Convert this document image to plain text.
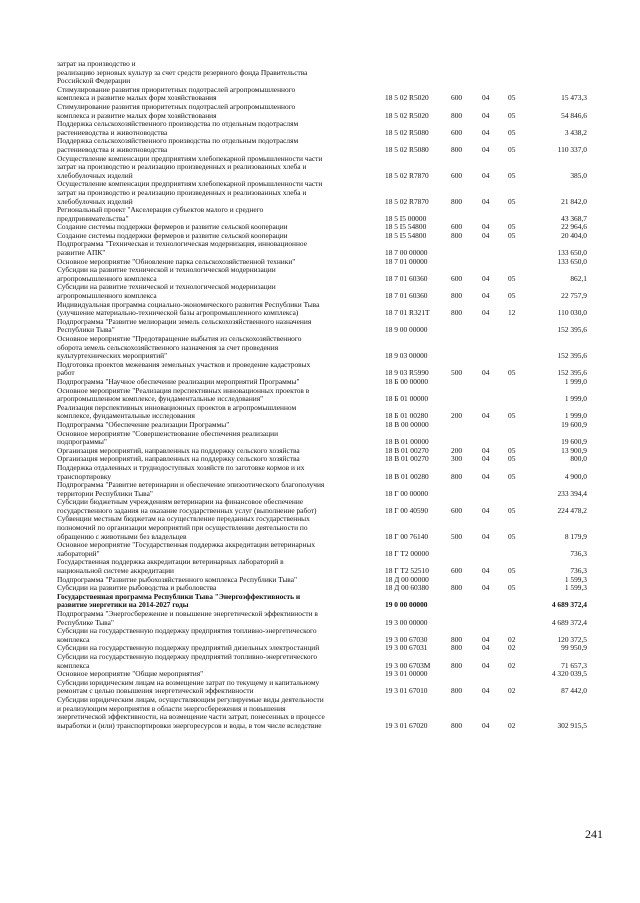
затрат на производство и
реализацию зерновых культур за счет средств резервного фонда Правительства
Российской Федерации
Стимулирование развития приоритетных подотраслей агропромышленного
комплекса и развитие малых форм хозяйствования	18 5 02 R5020	600	04	05	15 473,3
Стимулирование развития приоритетных подотраслей агропромышленного
комплекса и развитие малых форм хозяйствования	18 5 02 R5020	800	04	05	54 846,6
Поддержка сельскохозяйственного производства по отдельным подотраслям
растениеводства и животноводства	18 5 02 R5080	600	04	05	3 438,2
Поддержка сельскохозяйственного производства по отдельным подотраслям
растениеводства и животноводства	18 5 02 R5080	800	04	05	110 337,0
Осуществление компенсации предприятиям хлебопекарной промышленности части
затрат на производство и реализацию произведенных и реализованных хлеба и
хлебобулочных изделий	18 5 02 R7870	600	04	05	385,0
Осуществление компенсации предприятиям хлебопекарной промышленности части
затрат на производство и реализацию произведенных и реализованных хлеба и
хлебобулочных изделий	18 5 02 R7870	800	04	05	21 842,0
Региональный проект "Акселерация субъектов малого и среднего
предпринимательства"	18 5 I5 00000	43 368,7
Создание системы поддержки фермеров и развитие сельской кооперации	18 5 I5 54800	600	04	05	22 964,6
Создание системы поддержки фермеров и развитие сельской кооперации	18 5 I5 54800	800	04	05	20 404,0
Подпрограмма "Техническая и технологическая модернизация, инновационное
развитие АПК"	18 7 00 00000	133 650,0
Основное мероприятие "Обновление парка сельскохозяйственной техники"	18 7 01 00000	133 650,0
Субсидии на развитие технической и технологической модернизации
агропромышленного комплекса	18 7 01 60360	600	04	05	862,1
Субсидии на развитие технической и технологической модернизации
агропромышленного комплекса	18 7 01 60360	800	04	05	22 757,9
Индивидуальная программа социально-экономического развития Республики Тыва
(улучшение материально-технической базы агропромышленного комплекса)	18 7 01 R321T	800	04	12	110 030,0
Подпрограмма "Развитие мелиорации земель сельскохозяйственного назначения
Республики Тыва"	18 9 00 00000	152 395,6
Основное мероприятие "Предотвращение выбытия из сельскохозяйственного
оборота земель сельскохозяйственного назначения за счет проведения
культуртехнических мероприятий"	18 9 03 00000	152 395,6
Подготовка проектов межевания земельных участков и проведение кадастровых
работ	18 9 03 R5990	500	04	05	152 395,6
Подпрограмма "Научное обеспечение реализации мероприятий Программы"	18 Б 00 00000	1 999,0
Основное мероприятие "Реализация перспективных инновационных проектов в
агропромышленном комплексе, фундаментальные исследования"	18 Б 01 00000	1 999,0
Реализация перспективных инновационных проектов в агропромышленном
комплексе, фундаментальные исследования	18 Б 01 00280	200	04	05	1 999,0
Подпрограмма "Обеспечение реализации Программы"	18 В 00 00000	19 600,9
Основное мероприятие "Совершенствование обеспечения реализации
подпрограммы"	18 В 01 00000	19 600,9
Организация мероприятий, направленных на поддержку сельского хозяйства	18 В 01 00270	200	04	05	13 900,9
Организация мероприятий, направленных на поддержку сельского хозяйства	18 В 01 00270	300	04	05	800,0
Поддержка отдаленных и труднодоступных хозяйств по заготовке кормов и их
транспортировку	18 В 01 00280	800	04	05	4 900,0
Подпрограмма "Развитие ветеринарии и обеспечение эпизоотического благополучия
территории Республики Тыва"	18 Г 00 00000	233 394,4
Субсидии бюджетным учреждениям ветеринарии на финансовое обеспечение
государственного задания на оказание государственных услуг (выполнение работ)	18 Г 00 40590	600	04	05	224 478,2
Субвенции местным бюджетам на осуществление переданных государственных
полномочий по организации мероприятий при осуществлении деятельности по
обращению с животными без владельцев	18 Г 00 76140	500	04	05	8 179,9
Основное мероприятие "Государственная поддержка аккредитации ветеринарных
лабораторий"	18 Г Т2 00000	736,3
Государственная поддержка аккредитации ветеринарных лабораторий в
национальной системе аккредитации	18 Г Т2 52510	600	04	05	736,3
Подпрограмма "Развитие рыбохозяйственного комплекса Республики Тыва"	18 Д 00 00000	1 599,3
Субсидии на развитие рыбоводства и рыболовства	18 Д 00 60380	800	04	05	1 599,3
Государственная программа Республики Тыва "Энергоэффективность и
развитие энергетики на 2014-2027 годы	19 0 00 00000	4 689 372,4
Подпрограмма "Энергосбережение и повышение энергетической эффективности в
Республике Тыва"	19 3 00 00000	4 689 372,4
Субсидии на государственную поддержку предприятия топливно-энергетического
комплекса	19 3 00 67030	800	04	02	120 372,5
Субсидии на государственную поддержку предприятий дизельных электростанций	19 3 00 67031	800	04	02	99 950,9
Субсидии на государственную поддержку предприятий топливно-энергетического
комплекса	19 3 00 6703М	800	04	02	71 657,3
Основное мероприятие "Общие мероприятия"	19 3 01 00000	4 320 039,5
Субсидии юридическим лицам на возмещение затрат по текущему и капитальному
ремонтам с целью повышения энергетической эффективности	19 3 01 67010	800	04	02	87 442,0
Субсидии юридическим лицам, осуществляющим регулируемые виды деятельности
и реализующим мероприятия в области энергосбережения и повышения
энергетической эффективности, на возмещение части затрат, понесенных в процессе
выработки и (или) транспортировки энергоресурсов и воды, в том числе вследствие	19 3 01 67020	800	04	02	302 915,5
241
